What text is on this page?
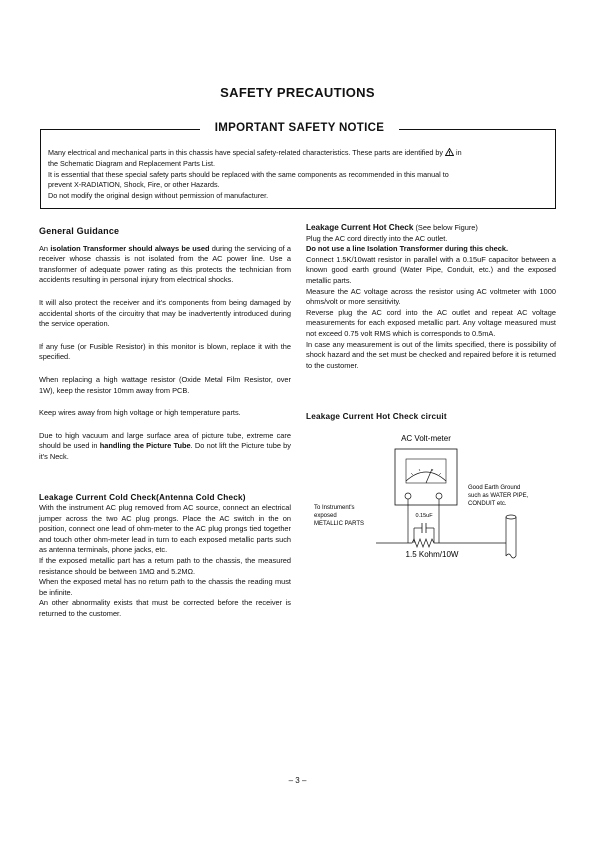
SAFETY PRECAUTIONS
IMPORTANT SAFETY NOTICE

Many electrical and mechanical parts in this chassis have special safety-related characteristics. These parts are identified by in

the Schematic Diagram and Replacement Parts List.

It is essential that these special safety parts should be replaced with the same components as recommended in this manual to

prevent X-RADIATION, Shock, Fire, or other Hazards.

Do not modify the original design without permission of manufacturer.

General Guidance

An isolation Transformer should always be used during the servicing of a receiver whose chassis is not isolated from the AC power line. Use a transformer of adequate power rating as this protects the technician from accidents resulting in personal injury from electrical shocks.

It will also protect the receiver and it's components from being damaged by accidental shorts of the circuitry that may be inadvertently introduced during the service operation.

If any fuse (or Fusible Resistor) in this monitor is blown, replace it with the specified.

When replacing a high wattage resistor (Oxide Metal Film Resistor, over 1W), keep the resistor 10mm away from PCB.

Keep wires away from high voltage or high temperature parts.

Due to high vacuum and large surface area of picture tube, extreme care should be used in handling the Picture Tube. Do not lift the Picture tube by it's Neck.

Leakage Current Cold Check(Antenna Cold Check)

With the instrument AC plug removed from AC source, connect an electrical jumper across the two AC plug prongs. Place the AC switch in the on position, connect one lead of ohm-meter to the AC plug prongs tied together and touch other ohm-meter lead in turn to each exposed metallic parts such as antenna terminals, phone jacks, etc.

If the exposed metallic part has a return path to the chassis, the measured resistance should be between 1MΩ and 5.2MΩ.

When the exposed metal has no return path to the chassis the reading must be infinite.

An other abnormality exists that must be corrected before the receiver is returned to the customer.

Leakage Current Hot Check (See below Figure)

Plug the AC cord directly into the AC outlet.

Do not use a line Isolation Transformer during this check.

Connect 1.5K/10watt resistor in parallel with a 0.15uF capacitor between a known good earth ground (Water Pipe, Conduit, etc.) and the exposed metallic parts.

Measure the AC voltage across the resistor using AC voltmeter with 1000 ohms/volt or more sensitivity.

Reverse plug the AC cord into the AC outlet and repeat AC voltage measurements for each exposed metallic part. Any voltage measured must not exceed 0.75 volt RMS which is corresponds to 0.5mA.

In case any measurement is out of the limits specified, there is possibility of shock hazard and the set must be checked and repaired before it is returned to the customer.

Leakage Current Hot Check circuit
AC Volt-meter
0.15uF
1.5 Kohm/10W
To Instrument's
exposed
METALLIC PARTS
Good Earth Ground
such as WATER PIPE,
CONDUIT etc.
– 3 –
